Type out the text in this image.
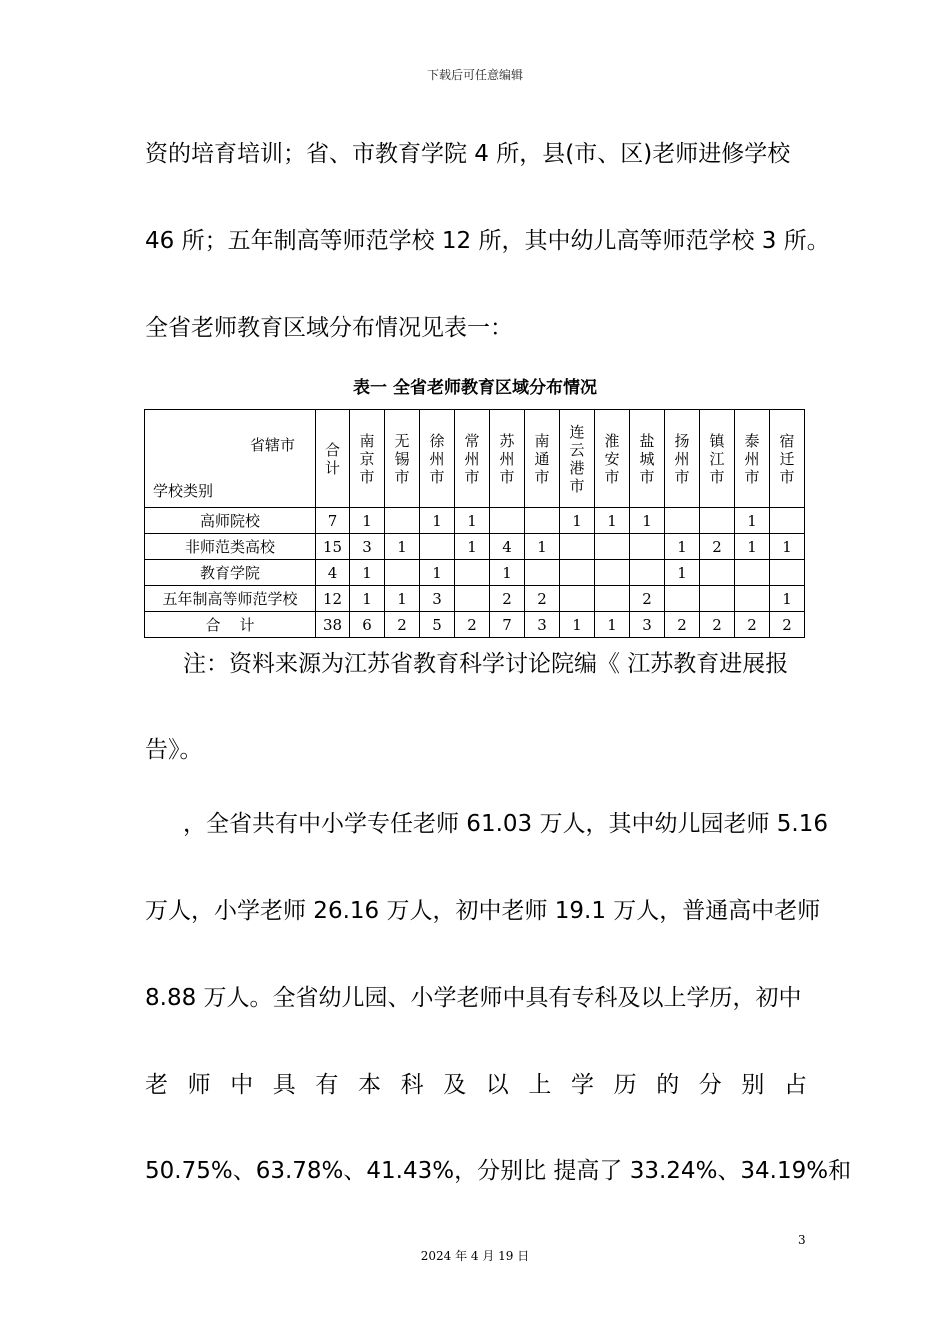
下载后可任意编辑
资的培育培训；省、市教育学院 4 所，县(市、区)老师进修学校
46 所；五年制高等师范学校 12 所，其中幼儿高等师范学校 3 所。
全省老师教育区域分布情况见表一：
表一 全省老师教育区域分布情况
省辖市
学校类别	合计	南京市	无锡市	徐州市	常州市	苏州市	南通市	连云港市	淮安市	盐城市	扬州市	镇江市	泰州市	宿迁市
高师院校	7	1		1	1			1	1	1			1	
非师范类高校	15	3	1		1	4	1				1	2	1	1
教育学院	4	1		1		1					1			
五年制高等师范学校	12	1	1	3		2	2			2				1
合    计	38	6	2	5	2	7	3	1	1	3	2	2	2	2
注：资料来源为江苏省教育科学讨论院编《 江苏教育进展报
告》。
，全省共有中小学专任老师 61.03 万人，其中幼儿园老师 5.16
万人，小学老师 26.16 万人，初中老师 19.1 万人，普通高中老师
8.88 万人。全省幼儿园、小学老师中具有专科及以上学历，初中
老 师 中 具 有 本 科 及 以 上 学 历 的 分 别 占
50.75%、63.78%、41.43%，分别比 提高了 33.24%、34.19%和
3
2024 年 4 月 19 日
